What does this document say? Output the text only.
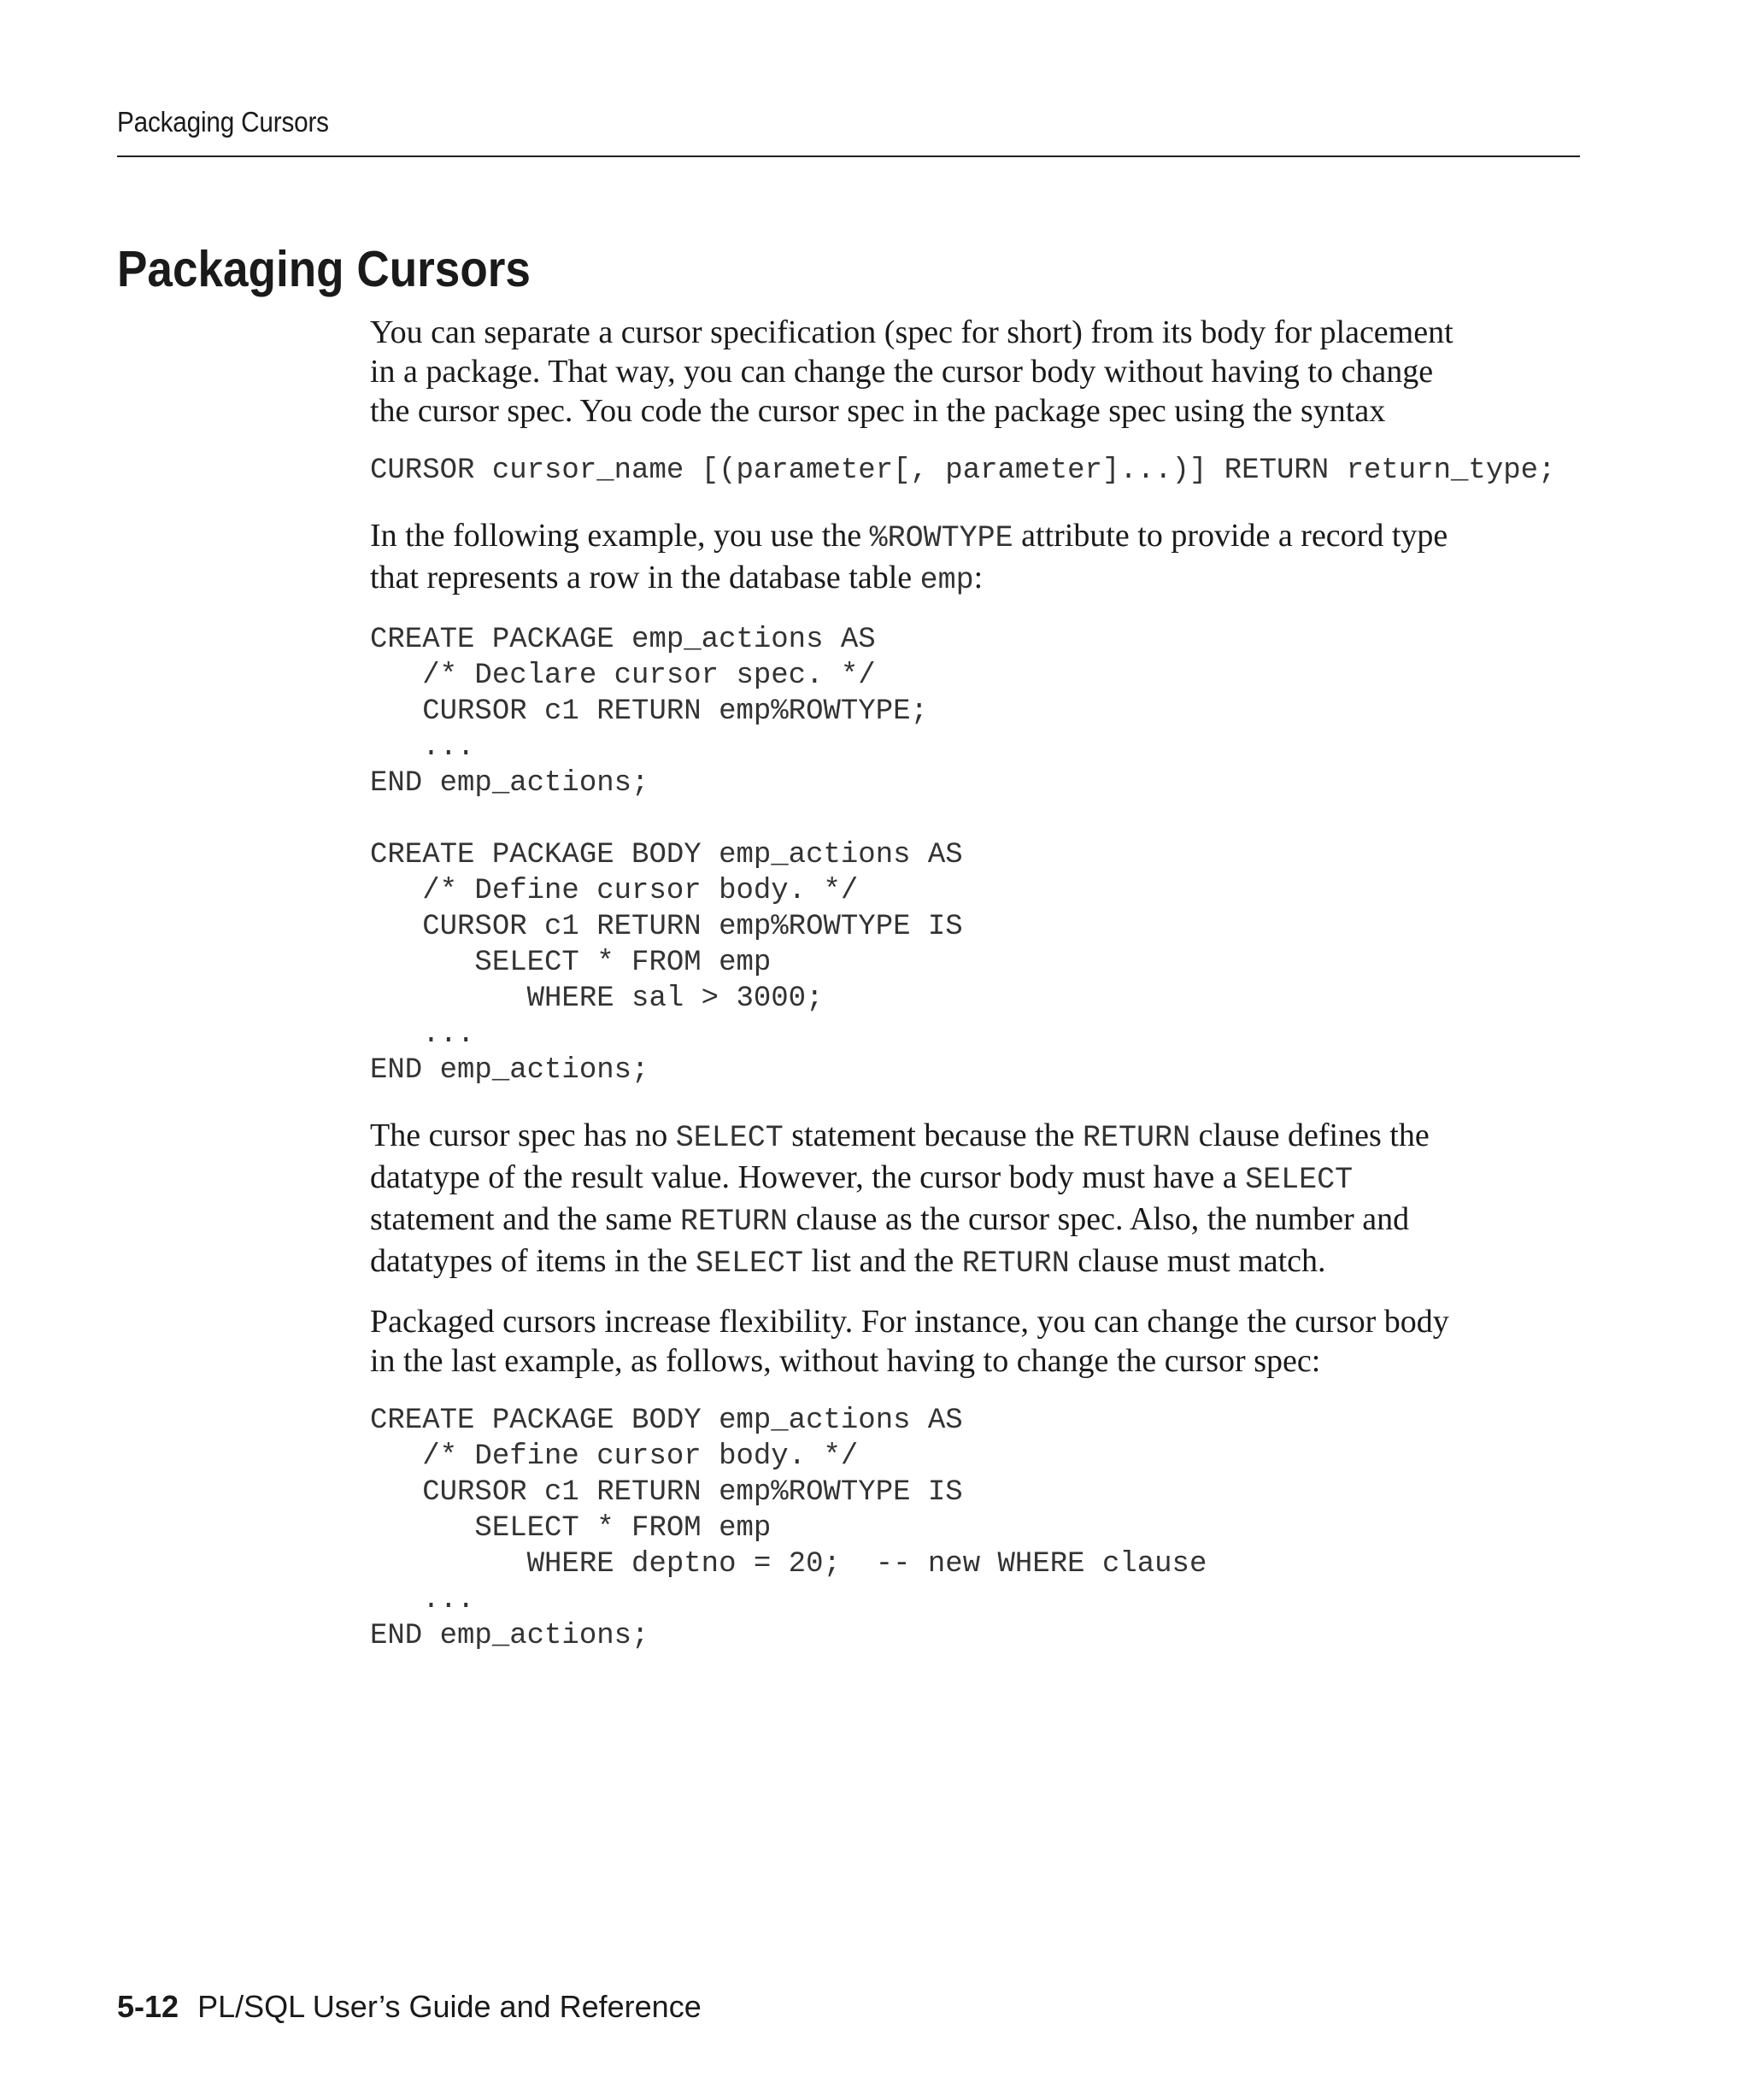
Packaging Cursors
Packaging Cursors

You can separate a cursor specification (spec for short) from its body for placement
in a package. That way, you can change the cursor body without having to change
the cursor spec. You code the cursor spec in the package spec using the syntax

CURSOR cursor_name [(parameter[, parameter]...)] RETURN return_type;

In the following example, you use the %ROWTYPE attribute to provide a record type
that represents a row in the database table emp:

CREATE PACKAGE emp_actions AS
/* Declare cursor spec. */
CURSOR c1 RETURN emp%ROWTYPE;
...
END emp_actions;

CREATE PACKAGE BODY emp_actions AS
/* Define cursor body. */
CURSOR c1 RETURN emp%ROWTYPE IS
SELECT * FROM emp
WHERE sal > 3000;
...
END emp_actions;

The cursor spec has no SELECT statement because the RETURN clause defines the
datatype of the result value. However, the cursor body must have a SELECT
statement and the same RETURN clause as the cursor spec. Also, the number and
datatypes of items in the SELECT list and the RETURN clause must match.

Packaged cursors increase flexibility. For instance, you can change the cursor body
in the last example, as follows, without having to change the cursor spec:

CREATE PACKAGE BODY emp_actions AS
/* Define cursor body. */
CURSOR c1 RETURN emp%ROWTYPE IS
SELECT * FROM emp
WHERE deptno = 20;  -- new WHERE clause
...
END emp_actions;
5-12 PL/SQL User’s Guide and Reference
